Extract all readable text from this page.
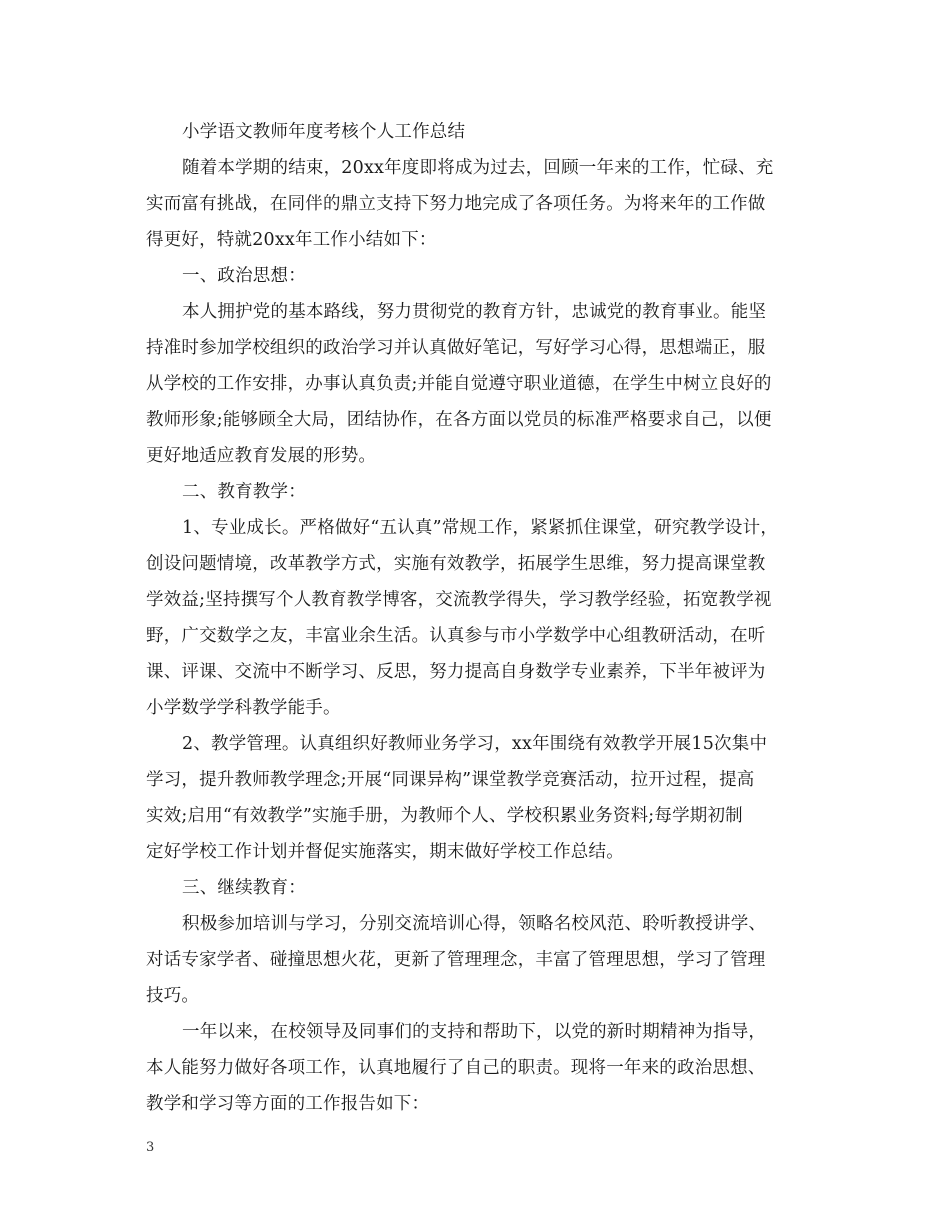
小学语文教师年度考核个人工作总结
随着本学期的结束，20xx年度即将成为过去，回顾一年来的工作，忙碌、充
实而富有挑战，在同伴的鼎立支持下努力地完成了各项任务。为将来年的工作做
得更好，特就20xx年工作小结如下：
一、政治思想：
本人拥护党的基本路线，努力贯彻党的教育方针，忠诚党的教育事业。能坚
持准时参加学校组织的政治学习并认真做好笔记，写好学习心得，思想端正，服
从学校的工作安排，办事认真负责;并能自觉遵守职业道德，在学生中树立良好的
教师形象;能够顾全大局，团结协作，在各方面以党员的标准严格要求自己，以便
更好地适应教育发展的形势。
二、教育教学：
1、专业成长。严格做好“五认真”常规工作，紧紧抓住课堂，研究教学设计，
创设问题情境，改革教学方式，实施有效教学，拓展学生思维，努力提高课堂教
学效益;坚持撰写个人教育教学博客，交流教学得失，学习教学经验，拓宽教学视
野，广交数学之友，丰富业余生活。认真参与市小学数学中心组教研活动，在听
课、评课、交流中不断学习、反思，努力提高自身数学专业素养，下半年被评为
小学数学学科教学能手。
2、教学管理。认真组织好教师业务学习，xx年围绕有效教学开展15次集中
学习，提升教师教学理念;开展“同课异构”课堂教学竞赛活动，拉开过程，提高
实效;启用“有效教学”实施手册，为教师个人、学校积累业务资料;每学期初制
定好学校工作计划并督促实施落实，期末做好学校工作总结。
三、继续教育：
积极参加培训与学习，分别交流培训心得，领略名校风范、聆听教授讲学、
对话专家学者、碰撞思想火花，更新了管理理念，丰富了管理思想，学习了管理
技巧。
一年以来，在校领导及同事们的支持和帮助下，以党的新时期精神为指导，
本人能努力做好各项工作，认真地履行了自己的职责。现将一年来的政治思想、
教学和学习等方面的工作报告如下：
3
